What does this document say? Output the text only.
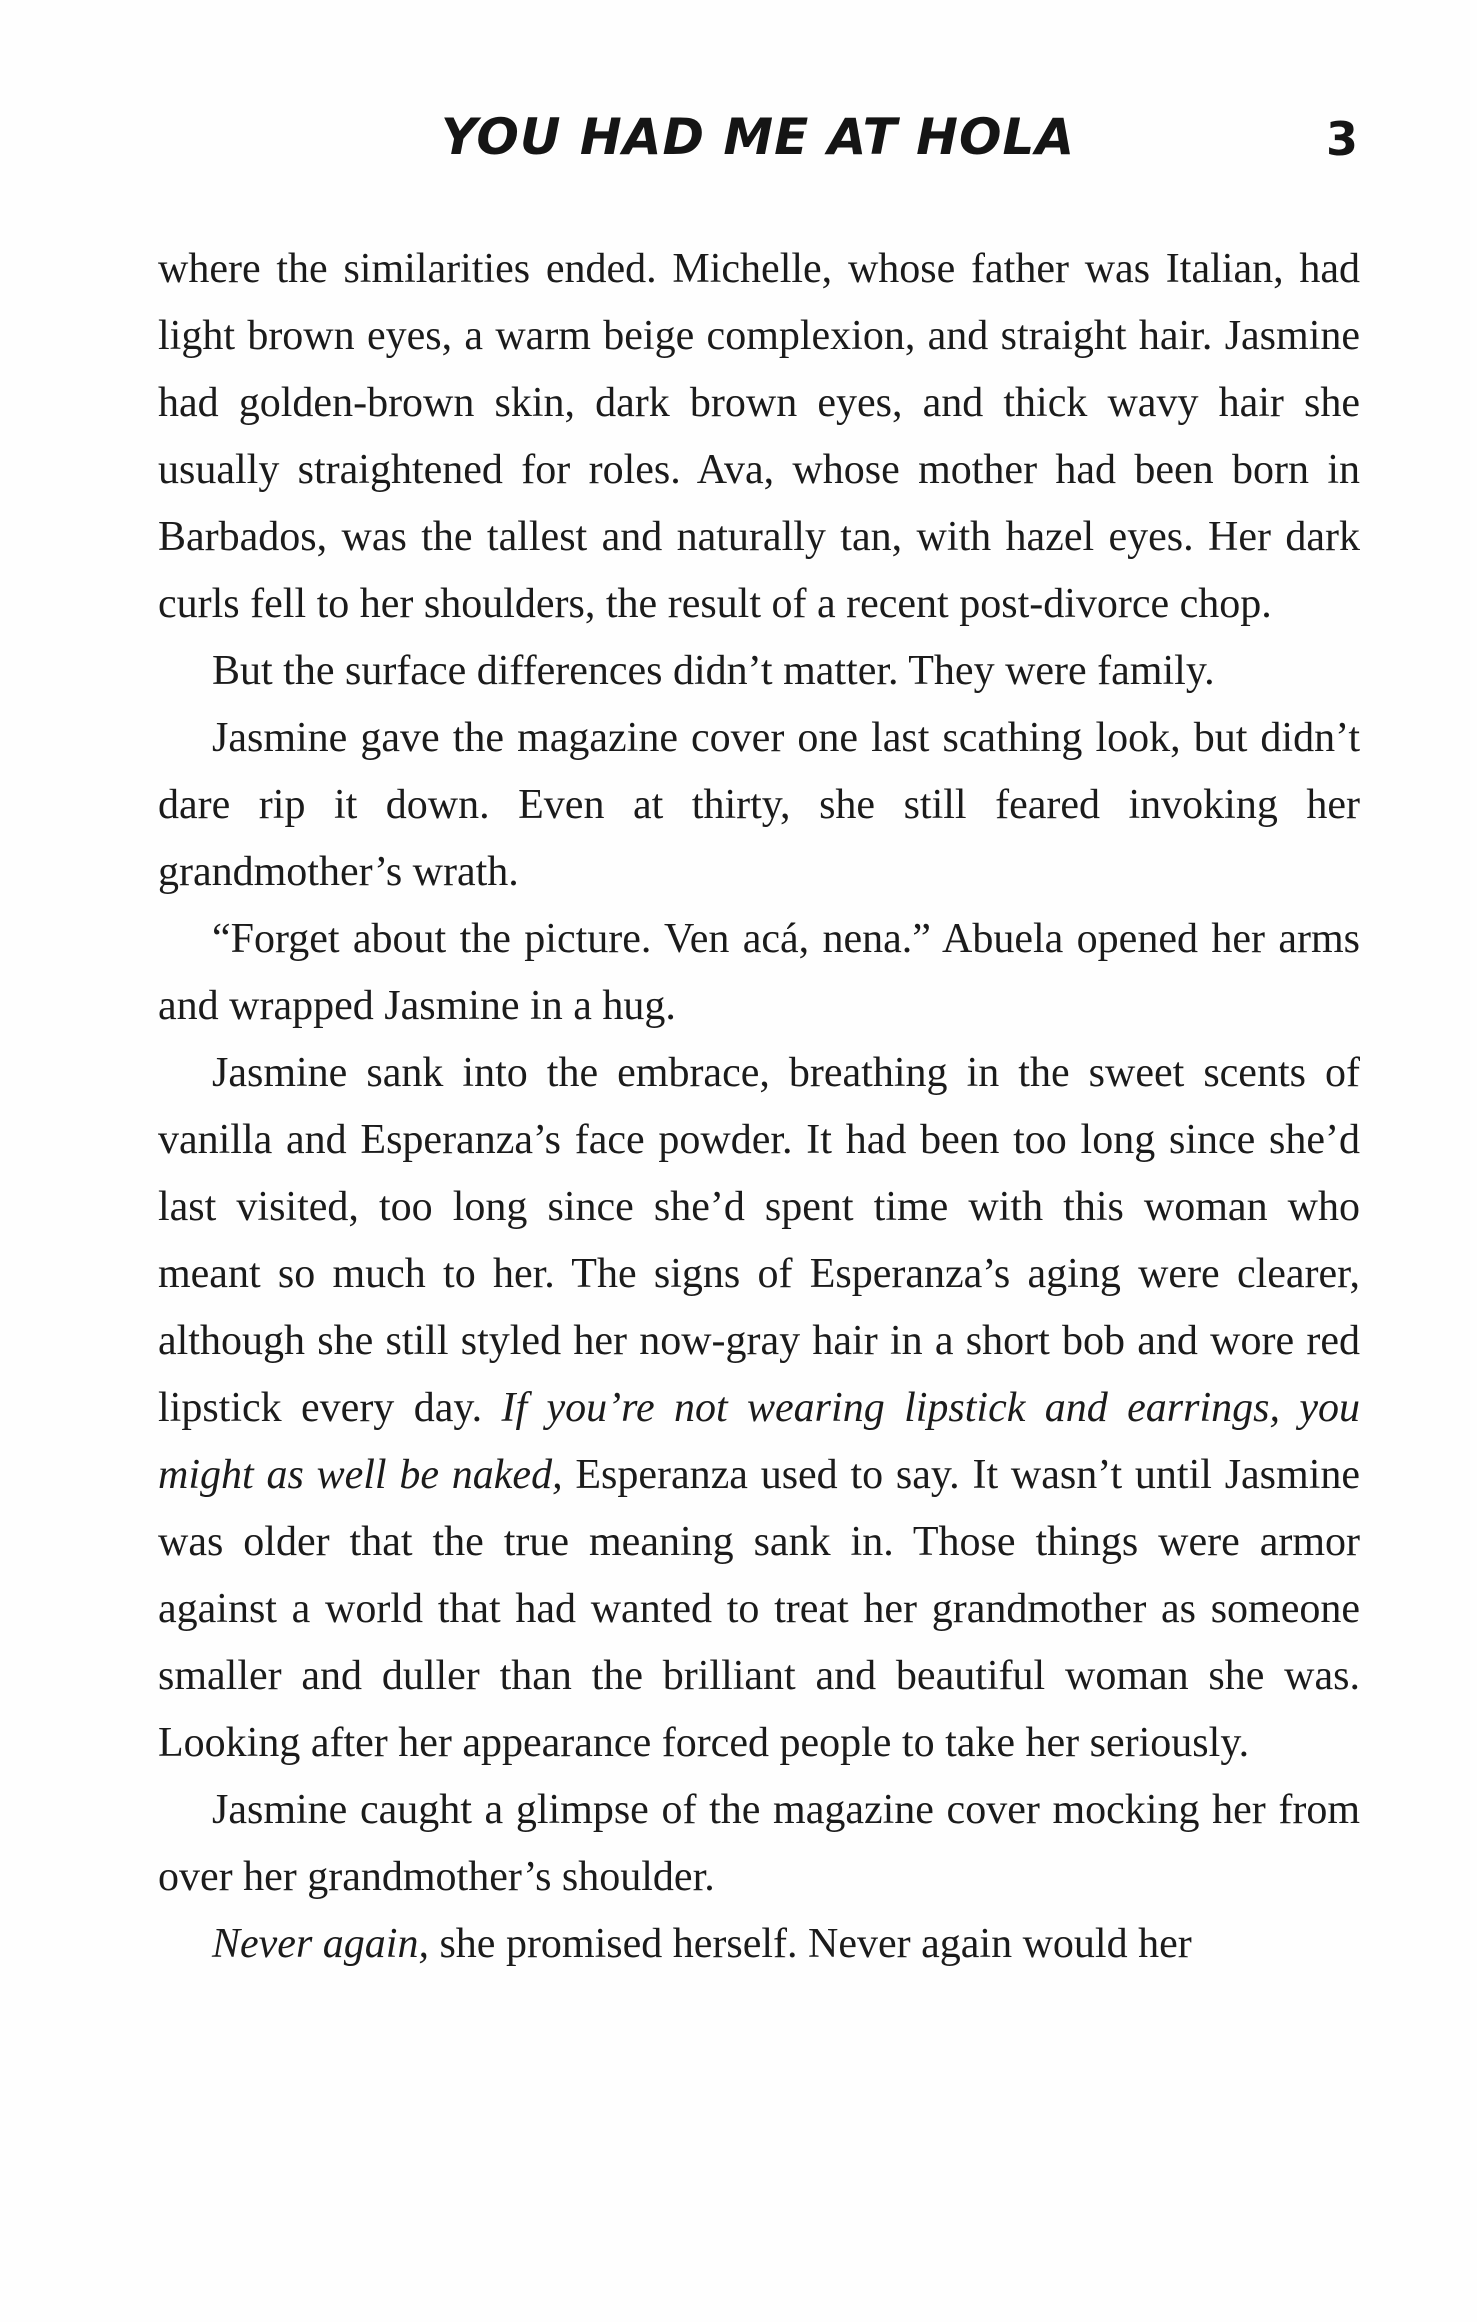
YOU HAD ME AT HOLA	3

where the similarities ended. Michelle, whose father was Italian, had light brown eyes, a warm beige complexion, and straight hair. Jasmine had golden-brown skin, dark brown eyes, and thick wavy hair she usually straightened for roles. Ava, whose mother had been born in Barbados, was the tallest and naturally tan, with hazel eyes. Her dark curls fell to her shoulders, the result of a recent post-divorce chop.

But the surface differences didn’t matter. They were family.

Jasmine gave the magazine cover one last scathing look, but didn’t dare rip it down. Even at thirty, she still feared invoking her grandmother’s wrath.

“Forget about the picture. Ven acá, nena.” Abuela opened her arms and wrapped Jasmine in a hug.

Jasmine sank into the embrace, breathing in the sweet scents of vanilla and Esperanza’s face powder. It had been too long since she’d last visited, too long since she’d spent time with this woman who meant so much to her. The signs of Esperanza’s aging were clearer, although she still styled her now-gray hair in a short bob and wore red lipstick every day. If you’re not wearing lipstick and earrings, you might as well be naked, Esperanza used to say. It wasn’t until Jasmine was older that the true meaning sank in. Those things were armor against a world that had wanted to treat her grandmother as someone smaller and duller than the brilliant and beautiful woman she was. Looking after her appearance forced people to take her seriously.

Jasmine caught a glimpse of the magazine cover mocking her from over her grandmother’s shoulder.

Never again, she promised herself. Never again would her
